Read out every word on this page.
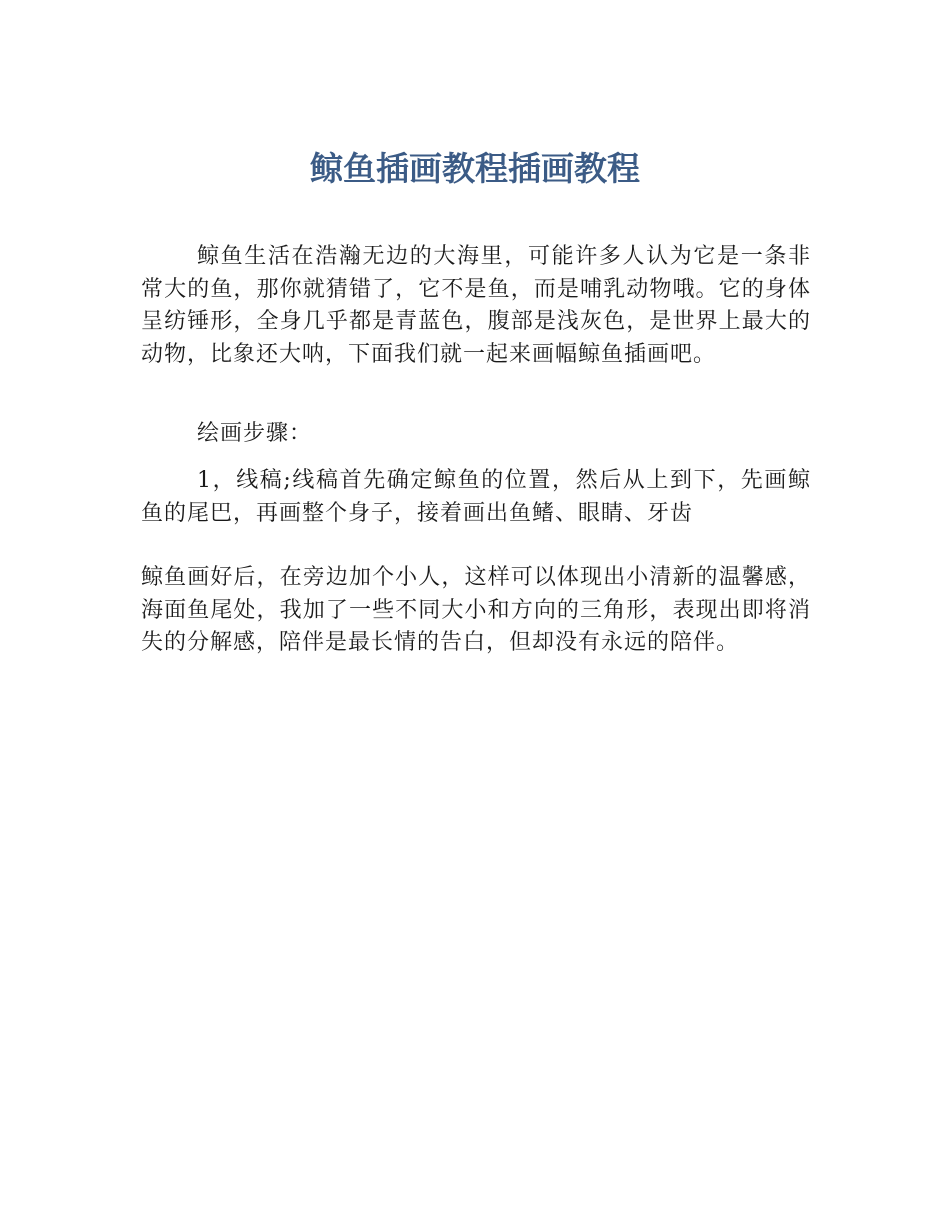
鲸鱼插画教程插画教程

鲸鱼生活在浩瀚无边的大海里，可能许多人认为它是一条非常大的鱼，那你就猜错了，它不是鱼，而是哺乳动物哦。它的身体呈纺锤形，全身几乎都是青蓝色，腹部是浅灰色，是世界上最大的动物，比象还大呐，下面我们就一起来画幅鲸鱼插画吧。

绘画步骤：

1，线稿;线稿首先确定鲸鱼的位置，然后从上到下，先画鲸鱼的尾巴，再画整个身子，接着画出鱼鳍、眼睛、牙齿

鲸鱼画好后，在旁边加个小人，这样可以体现出小清新的温馨感，海面鱼尾处，我加了一些不同大小和方向的三角形，表现出即将消失的分解感，陪伴是最长情的告白，但却没有永远的陪伴。
